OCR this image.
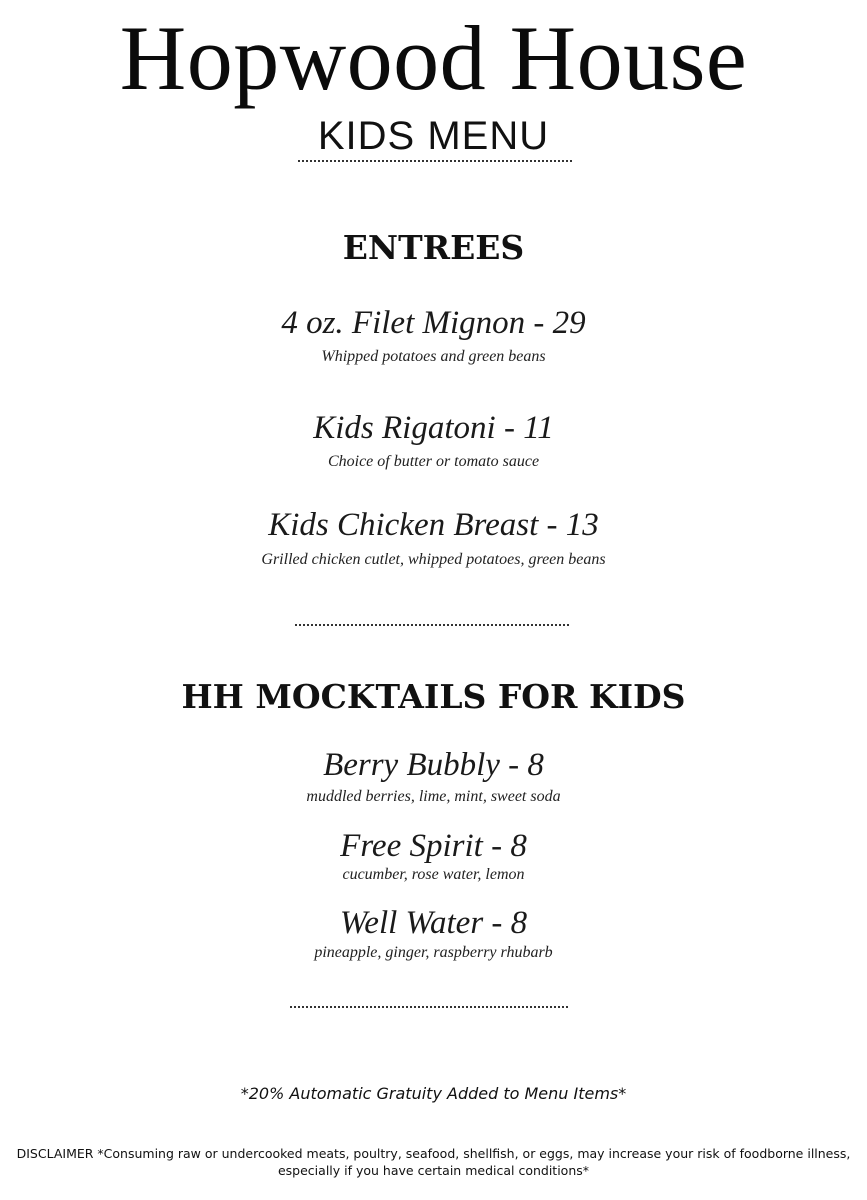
Hopwood House
KIDS MENU
ENTREES
4 oz. Filet Mignon - 29
Whipped potatoes and green beans
Kids Rigatoni - 11
Choice of butter or tomato sauce
Kids Chicken Breast - 13
Grilled chicken cutlet, whipped potatoes, green beans
HH MOCKTAILS FOR KIDS
Berry Bubbly - 8
muddled berries, lime, mint, sweet soda
Free Spirit - 8
cucumber, rose water, lemon
Well Water - 8
pineapple, ginger, raspberry rhubarb
*20% Automatic Gratuity Added to Menu Items*
DISCLAIMER *Consuming raw or undercooked meats, poultry, seafood, shellfish, or eggs, may increase your risk of foodborne illness,
especially if you have certain medical conditions*
